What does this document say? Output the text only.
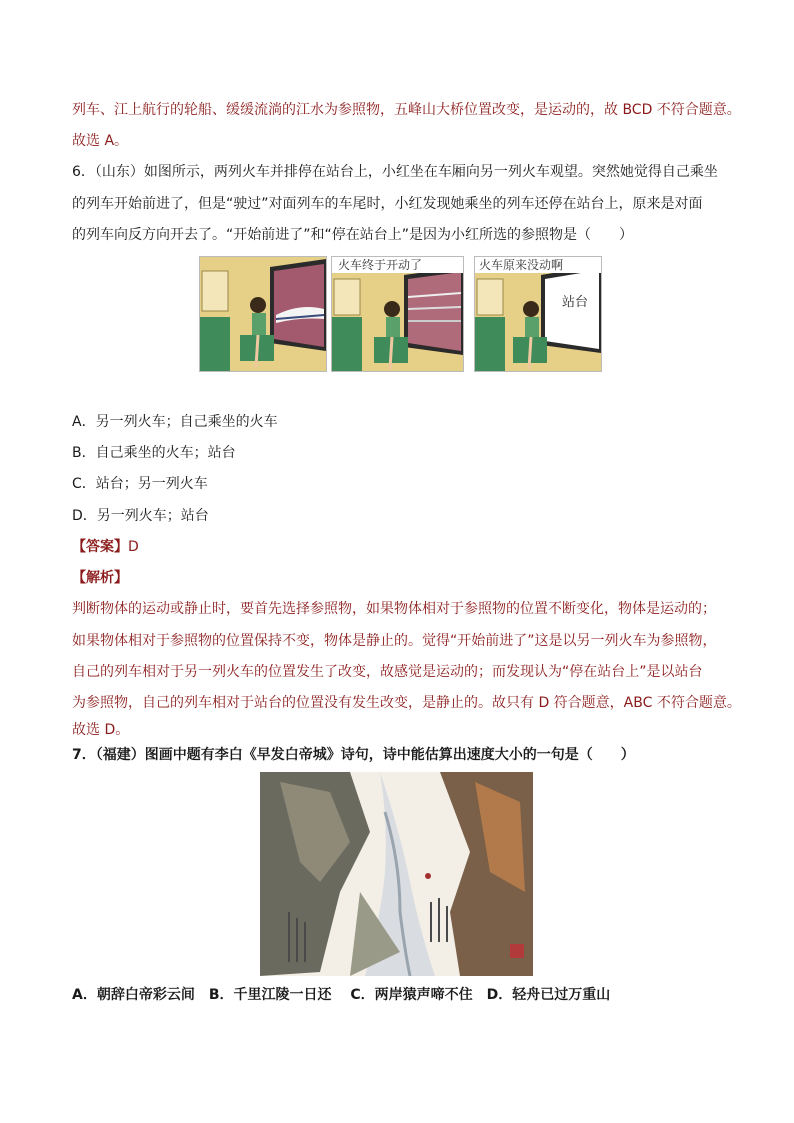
列车、江上航行的轮船、缓缓流淌的江水为参照物，五峰山大桥位置改变，是运动的，故 BCD 不符合题意。
故选 A。
6．（山东）如图所示，两列火车并排停在站台上，小红坐在车厢向另一列火车观望。突然她觉得自己乘坐
的列车开始前进了，但是“驶过”对面列车的车尾时，小红发现她乘坐的列车还停在站台上，原来是对面
的列车向反方向开去了。“开始前进了”和“停在站台上”是因为小红所选的参照物是（　　）
火车终于开动了	火车原来没动啊
站台
A．另一列火车；自己乘坐的火车
B．自己乘坐的火车；站台
C．站台；另一列火车
D．另一列火车；站台
【答案】D
【解析】
判断物体的运动或静止时，要首先选择参照物，如果物体相对于参照物的位置不断变化，物体是运动的；
如果物体相对于参照物的位置保持不变，物体是静止的。觉得“开始前进了”这是以另一列火车为参照物，
自己的列车相对于另一列火车的位置发生了改变，故感觉是运动的；而发现认为“停在站台上”是以站台
为参照物，自己的列车相对于站台的位置没有发生改变，是静止的。故只有 D 符合题意，ABC 不符合题意。
故选 D。
7．（福建）图画中题有李白《早发白帝城》诗句，诗中能估算出速度大小的一句是（　　）
A．朝辞白帝彩云间　B．千里江陵一日还　 C．两岸猿声啼不住　D．轻舟已过万重山
